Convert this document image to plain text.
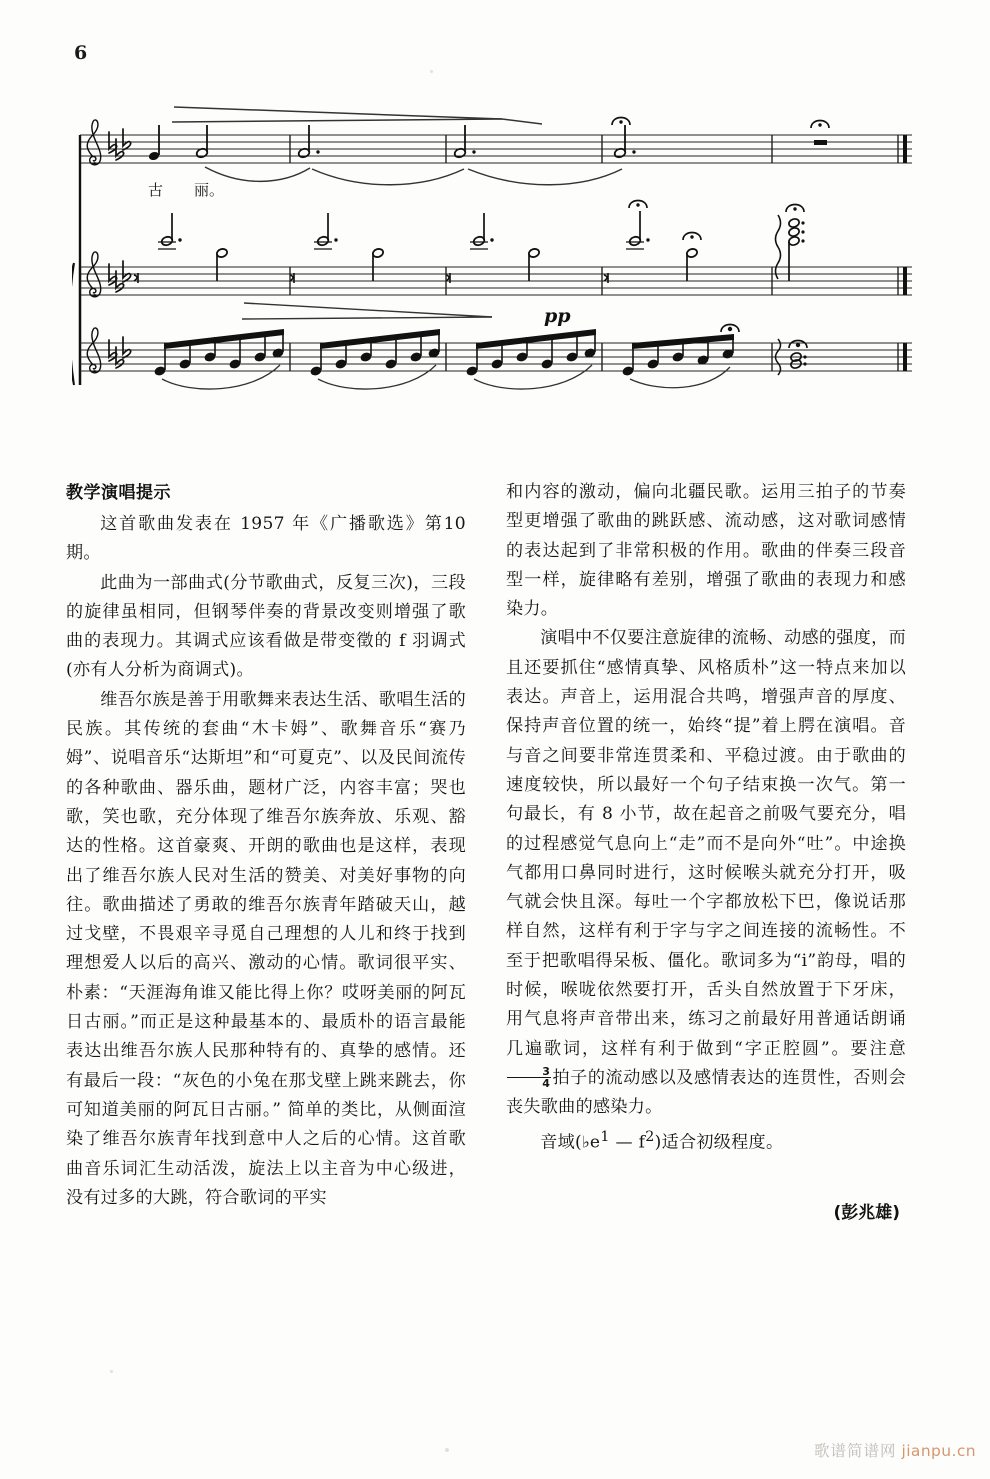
6
古 丽。
pp
教学演唱提示

这首歌曲发表在 1957 年《广播歌选》第10 期。

此曲为一部曲式(分节歌曲式，反复三次)，三段的旋律虽相同，但钢琴伴奏的背景改变则增强了歌曲的表现力。其调式应该看做是带变徵的 f 羽调式(亦有人分析为商调式)。

维吾尔族是善于用歌舞来表达生活、歌唱生活的民族。其传统的套曲“木卡姆”、歌舞音乐“赛乃姆”、说唱音乐“达斯坦”和“可夏克”、以及民间流传的各种歌曲、器乐曲，题材广泛，内容丰富；哭也歌，笑也歌，充分体现了维吾尔族奔放、乐观、豁达的性格。这首豪爽、开朗的歌曲也是这样，表现出了维吾尔族人民对生活的赞美、对美好事物的向往。歌曲描述了勇敢的维吾尔族青年踏破天山，越过戈壁，不畏艰辛寻觅自己理想的人儿和终于找到理想爱人以后的高兴、激动的心情。歌词很平实、朴素：“天涯海角谁又能比得上你？哎呀美丽的阿瓦日古丽。”而正是这种最基本的、最质朴的语言最能表达出维吾尔族人民那种特有的、真挚的感情。还有最后一段：“灰色的小兔在那戈壁上跳来跳去，你可知道美丽的阿瓦日古丽。” 简单的类比，从侧面渲染了维吾尔族青年找到意中人之后的心情。这首歌曲音乐词汇生动活泼，旋法上以主音为中心级进，没有过多的大跳，符合歌词的平实

和内容的激动，偏向北疆民歌。运用三拍子的节奏型更增强了歌曲的跳跃感、流动感，这对歌词感情的表达起到了非常积极的作用。歌曲的伴奏三段音型一样，旋律略有差别，增强了歌曲的表现力和感染力。

演唱中不仅要注意旋律的流畅、动感的强度，而且还要抓住“感情真挚、风格质朴”这一特点来加以表达。声音上，运用混合共鸣，增强声音的厚度、保持声音位置的统一，始终“提”着上腭在演唱。音与音之间要非常连贯柔和、平稳过渡。由于歌曲的速度较快，所以最好一个句子结束换一次气。第一句最长，有 8 小节，故在起音之前吸气要充分，唱的过程感觉气息向上“走”而不是向外“吐”。中途换气都用口鼻同时进行，这时候喉头就充分打开，吸气就会快且深。每吐一个字都放松下巴，像说话那样自然，这样有利于字与字之间连接的流畅性。不至于把歌唱得呆板、僵化。歌词多为“i”韵母，唱的时候，喉咙依然要打开，舌头自然放置于下牙床，用气息将声音带出来，练习之前最好用普通话朗诵几遍歌词，这样有利于做到“字正腔圆”。要注意
$\frac{3}{4}$ 拍子的流动感以及感情表达的连贯性，否则会丧失歌曲的感染力。

音域($♭e^1$ — $f^2$)适合初级程度。

(彭兆雄)

歌谱简谱网 jianpu.cn
